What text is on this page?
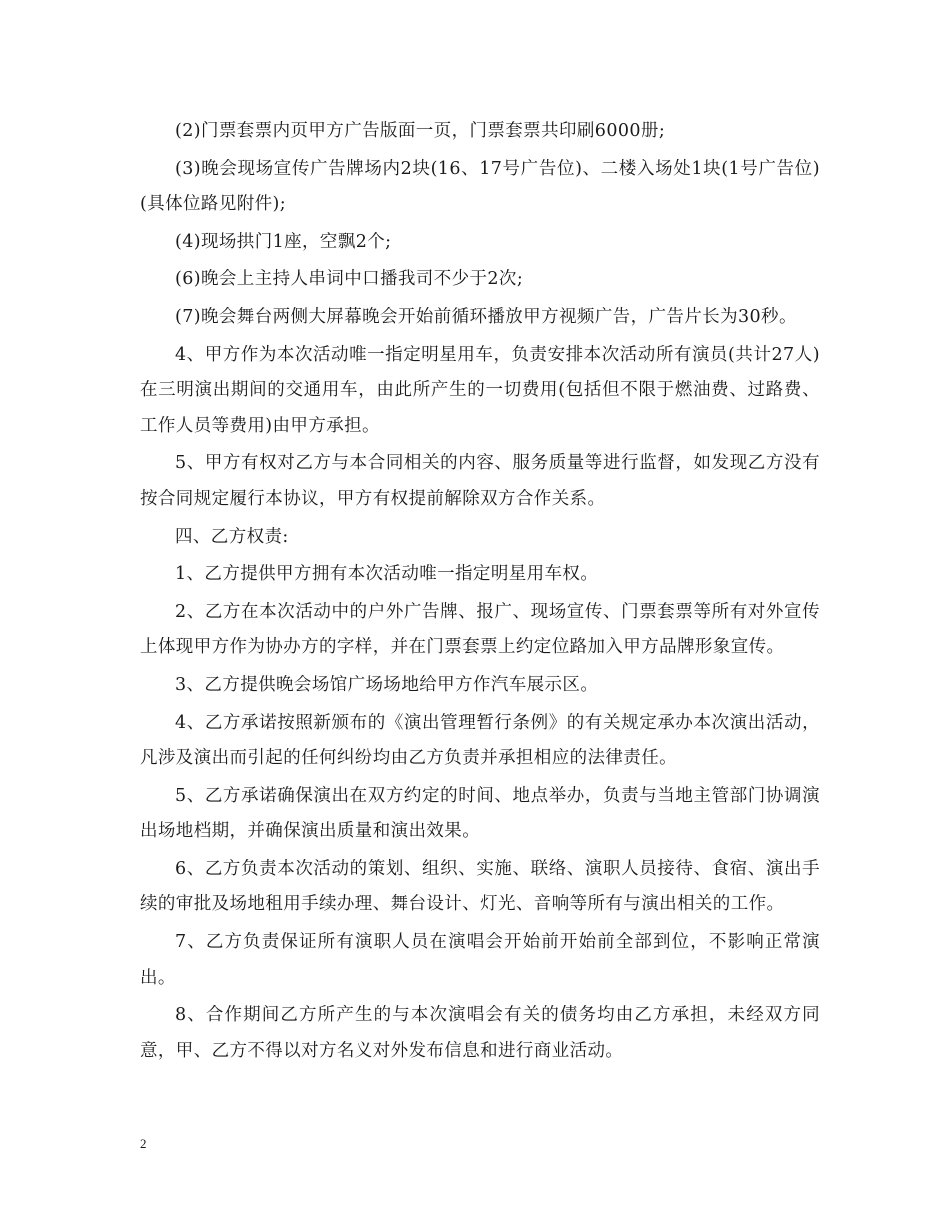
(2)门票套票内页甲方广告版面一页，门票套票共印刷6000册;

(3)晚会现场宣传广告牌场内2块(16、17号广告位)、二楼入场处1块(1号广告位)(具体位路见附件);

(4)现场拱门1座，空飘2个;

(6)晚会上主持人串词中口播我司不少于2次;

(7)晚会舞台两侧大屏幕晚会开始前循环播放甲方视频广告，广告片长为30秒。

4、甲方作为本次活动唯一指定明星用车，负责安排本次活动所有演员(共计27人)在三明演出期间的交通用车，由此所产生的一切费用(包括但不限于燃油费、过路费、工作人员等费用)由甲方承担。

5、甲方有权对乙方与本合同相关的内容、服务质量等进行监督，如发现乙方没有按合同规定履行本协议，甲方有权提前解除双方合作关系。

四、乙方权责:

1、乙方提供甲方拥有本次活动唯一指定明星用车权。

2、乙方在本次活动中的户外广告牌、报广、现场宣传、门票套票等所有对外宣传上体现甲方作为协办方的字样，并在门票套票上约定位路加入甲方品牌形象宣传。

3、乙方提供晚会场馆广场场地给甲方作汽车展示区。

4、乙方承诺按照新颁布的《演出管理暂行条例》的有关规定承办本次演出活动，凡涉及演出而引起的任何纠纷均由乙方负责并承担相应的法律责任。

5、乙方承诺确保演出在双方约定的时间、地点举办，负责与当地主管部门协调演出场地档期，并确保演出质量和演出效果。

6、乙方负责本次活动的策划、组织、实施、联络、演职人员接待、食宿、演出手续的审批及场地租用手续办理、舞台设计、灯光、音响等所有与演出相关的工作。

7、乙方负责保证所有演职人员在演唱会开始前开始前全部到位，不影响正常演出。

8、合作期间乙方所产生的与本次演唱会有关的债务均由乙方承担，未经双方同意，甲、乙方不得以对方名义对外发布信息和进行商业活动。

2
